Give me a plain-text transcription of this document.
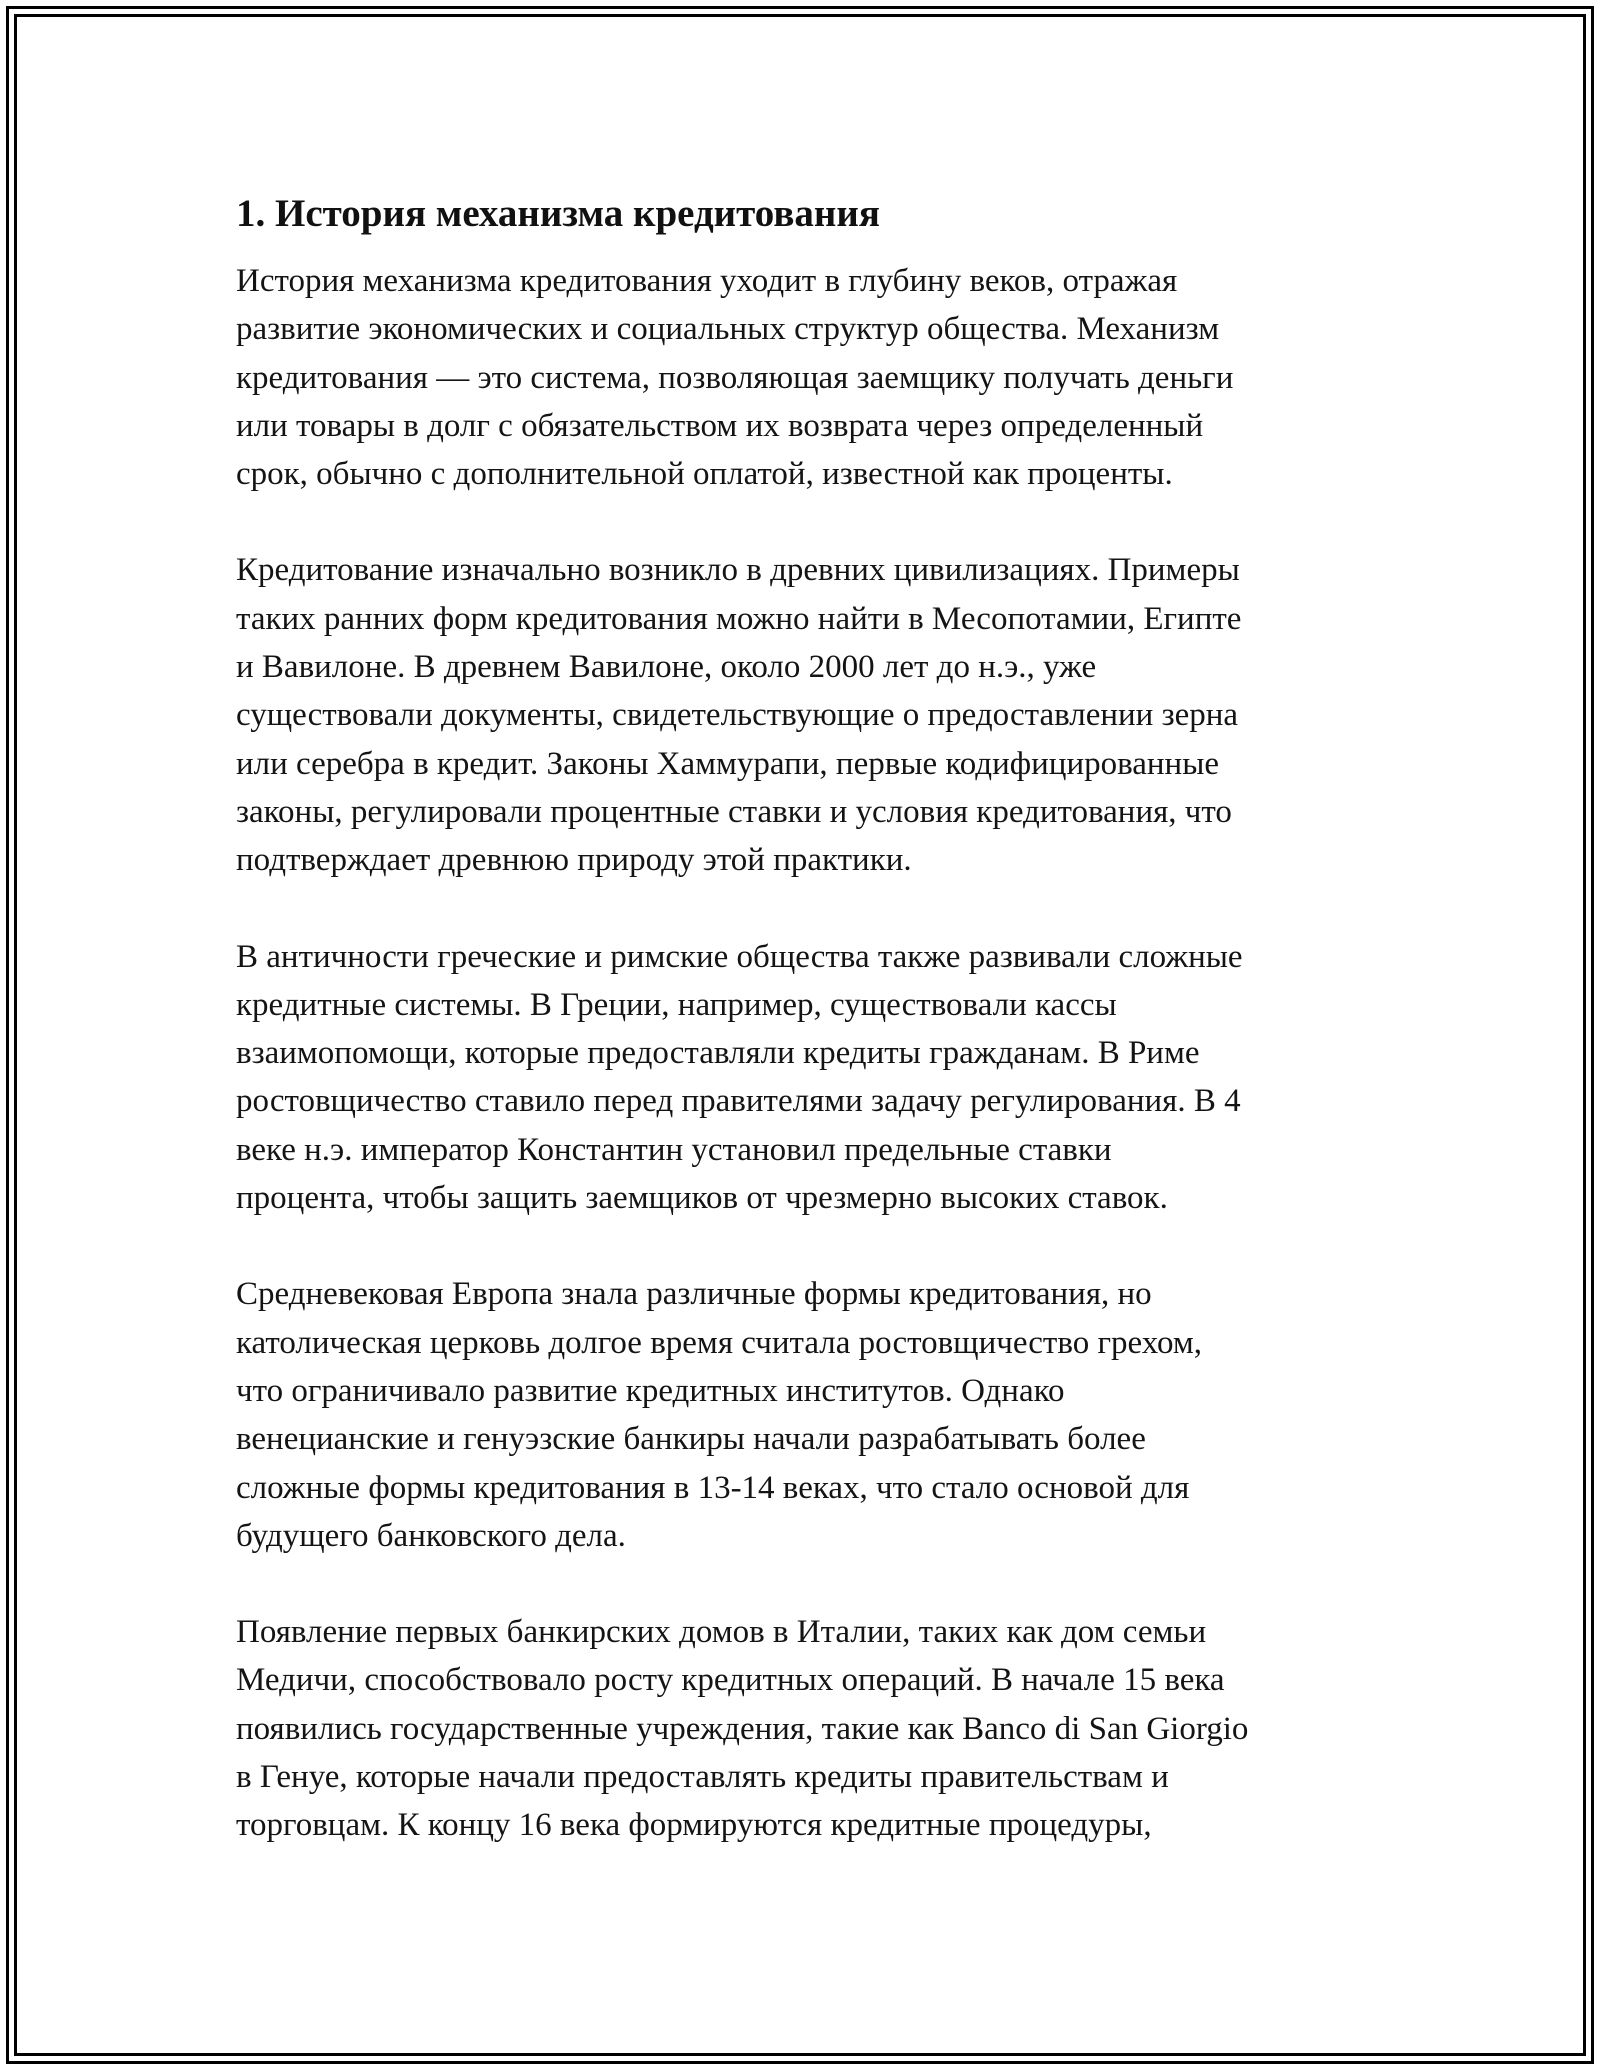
1. История механизма кредитования

История механизма кредитования уходит в глубину веков, отражая
развитие экономических и социальных структур общества. Механизм
кредитования — это система, позволяющая заемщику получать деньги
или товары в долг с обязательством их возврата через определенный
срок, обычно с дополнительной оплатой, известной как проценты.

Кредитование изначально возникло в древних цивилизациях. Примеры
таких ранних форм кредитования можно найти в Месопотамии, Египте
и Вавилоне. В древнем Вавилоне, около 2000 лет до н.э., уже
существовали документы, свидетельствующие о предоставлении зерна
или серебра в кредит. Законы Хаммурапи, первые кодифицированные
законы, регулировали процентные ставки и условия кредитования, что
подтверждает древнюю природу этой практики.

В античности греческие и римские общества также развивали сложные
кредитные системы. В Греции, например, существовали кассы
взаимопомощи, которые предоставляли кредиты гражданам. В Риме
ростовщичество ставило перед правителями задачу регулирования. В 4
веке н.э. император Константин установил предельные ставки
процента, чтобы защить заемщиков от чрезмерно высоких ставок.

Средневековая Европа знала различные формы кредитования, но
католическая церковь долгое время считала ростовщичество грехом,
что ограничивало развитие кредитных институтов. Однако
венецианские и генуэзские банкиры начали разрабатывать более
сложные формы кредитования в 13-14 веках, что стало основой для
будущего банковского дела.

Появление первых банкирских домов в Италии, таких как дом семьи
Медичи, способствовало росту кредитных операций. В начале 15 века
появились государственные учреждения, такие как Banco di San Giorgio
в Генуе, которые начали предоставлять кредиты правительствам и
торговцам. К концу 16 века формируются кредитные процедуры,
